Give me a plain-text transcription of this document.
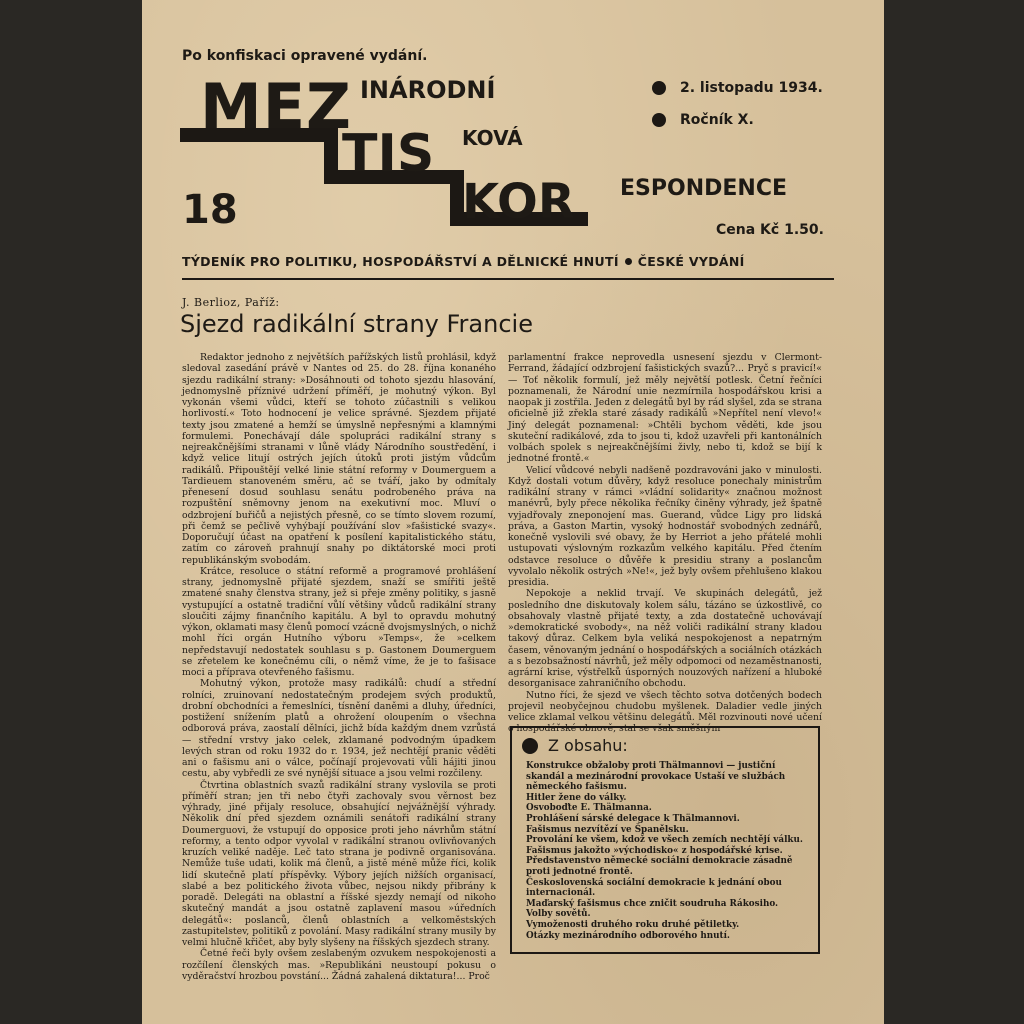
Po konfiskaci opravené vydání.
MEZ INÁRODNÍ
TIS KOVÁ
KOR ESPONDENCE
18
2. listopadu 1934.
Ročník X.
Cena Kč 1.50.
TÝDENÍK PRO POLITIKU, HOSPODÁŘSTVÍ A DĚLNICKÉ HNUTÍ ČESKÉ VYDÁNÍ
J. Berlioz, Paříž:
Sjezd radikální strany Francie

Redaktor jednoho z největších pařížských listů prohlásil, když sledoval zasedání právě v Nantes od 25. do 28. října konaného sjezdu radikální strany: »Dosáhnouti od tohoto sjezdu hlasování, jednomyslně příznivé udržení příměří, je mohutný výkon. Byl vykonán všemi vůdci, kteří se tohoto zúčastnili s velikou horlivostí.« Toto hodnocení je velice správné. Sjezdem přijaté texty jsou zmatené a hemží se úmyslně nepřesnými a klamnými formulemi. Ponechávají dále spolupráci radikální strany s nejreakčnějšími stranami v lůně vlády Národního soustředění, i když velice litují ostrých jejích útoků proti jistým vůdcům radikálů. Připouštějí velké linie státní reformy v Doumerguem a Tardieuem stanoveném směru, ač se tváří, jako by odmítaly přenesení dosud souhlasu senátu podrobeného práva na rozpuštění sněmovny jenom na exekutivní moc. Mluví o odzbrojení buřičů a nejistých přesně, co se tímto slovem rozumí, při čemž se pečlivě vyhýbají používání slov »fašistické svazy«. Doporučují účast na opatření k posílení kapitalistického státu, zatím co zároveň prahnují snahy po diktátorské moci proti republikánským svobodám.

Krátce, resoluce o státní reformě a programové prohlášení strany, jednomyslně přijaté sjezdem, snaží se smířiti ještě zmatené snahy členstva strany, jež si přeje změny politiky, s jasně vystupující a ostatně tradiční vůlí většiny vůdců radikální strany sloučiti zájmy finančního kapitálu. A byl to opravdu mohutný výkon, oklamati masy členů pomocí vzácně dvojsmyslných, o nichž mohl říci orgán Hutního výboru »Temps«, že »celkem nepředstavují nedostatek souhlasu s p. Gastonem Doumerguem se zřetelem ke konečnému cíli, o němž víme, že je to fašisace moci a příprava otevřeného fašismu.

Mohutný výkon, protože masy radikálů: chudí a střední rolníci, zruinovaní nedostatečným prodejem svých produktů, drobní obchodníci a řemeslníci, tísnění daněmi a dluhy, úředníci, postižení snížením platů a ohrožení oloupením o všechna odborová práva, zaostalí dělníci, jichž bída každým dnem vzrůstá — střední vrstvy jako celek, zklamané podvodným úpadkem levých stran od roku 1932 do r. 1934, jež nechtějí pranic věděti ani o fašismu ani o válce, počínají projevovati vůli hájiti jinou cestu, aby vybředli ze své nynější situace a jsou velmi rozčileny.

Čtvrtina oblastních svazů radikální strany vyslovila se proti příměří stran; jen tři nebo čtyři zachovaly svou věrnost bez výhrady, jiné přijaly resoluce, obsahující nejvážnější výhrady. Několik dní před sjezdem oznámili senátoři radikální strany Doumerguovi, že vstupují do opposice proti jeho návrhům státní reformy, a tento odpor vyvolal v radikální stranou ovlivňovaných kruzích veliké naděje. Leč tato strana je podivně organisována. Nemůže tuše udati, kolik má členů, a jistě méně může říci, kolik lidí skutečně platí příspěvky. Výbory jejích nižších organisací, slabé a bez politického života vůbec, nejsou nikdy přibrány k poradě. Delegáti na oblastní a říšské sjezdy nemají od nikoho skutečný mandát a jsou ostatně zaplavení masou »úředních delegátů«: poslanců, členů oblastních a velkoměstských zastupitelstev, politiků z povolání. Masy radikální strany musily by velmi hlučně křičet, aby byly slyšeny na říšských sjezdech strany.

Četné řeči byly ovšem zeslabeným ozvukem nespokojenosti a rozčílení členských mas. »Republikáni neustoupí pokusu o vyděračství hrozbou povstání... Žádná zahalená diktatura!... Proč

parlamentní frakce neprovedla usnesení sjezdu v Clermont-Ferrand, žádající odzbrojení fašistických svazů?... Pryč s pravicí!« — Toť několik formulí, jež měly největší potlesk. Četní řečníci poznamenali, že Národní unie nezmírnila hospodářskou krisi a naopak ji zostřila. Jeden z delegátů byl by rád slyšel, zda se strana oficielně již zřekla staré zásady radikálů »Nepřítel není vlevo!« Jiný delegát poznamenal: »Chtěli bychom věděti, kde jsou skuteční radikálové, zda to jsou ti, kdož uzavřeli při kantonálních volbách spolek s nejreakčnějšími živly, nebo ti, kdož se bijí k jednotné frontě.«

Velicí vůdcové nebyli nadšeně pozdravováni jako v minulosti. Když dostali votum důvěry, když resoluce ponechaly ministrům radikální strany v rámci »vládní solidarity« značnou možnost manévrů, byly přece několika řečníky činěny výhrady, jež špatně vyjadřovaly zneponojení mas. Guerand, vůdce Ligy pro lidská práva, a Gaston Martin, vysoký hodnostář svobodných zednářů, konečně vyslovili své obavy, že by Herriot a jeho přátelé mohli ustupovati výslovným rozkazům velkého kapitálu. Před čtením odstavce resoluce o důvěře k presidiu strany a poslancům vyvolalo několik ostrých »Ne!«, jež byly ovšem přehlušeno klakou presidia.

Nepokoje a neklid trvají. Ve skupinách delegátů, jež posledního dne diskutovaly kolem sálu, tázáno se úzkostlivě, co obsahovaly vlastně přijaté texty, a zda dostatečně uchovávají »demokratické svobody«, na něž voliči radikální strany kladou takový důraz. Celkem byla veliká nespokojenost a nepatrným časem, věnovaným jednání o hospodářských a sociálních otázkách a s bezobsažností návrhů, jež měly odpomoci od nezaměstnanosti, agrární krise, výstřelků úsporných nouzových nařízení a hluboké desorganisace zahraničního obchodu.

Nutno říci, že sjezd ve všech těchto sotva dotčených bodech projevil neobyčejnou chudobu myšlenek. Daladier vedle jiných velice zklamal velkou většinu delegátů. Měl rozvinouti nové učení o hospodářské obnově, stal se však směšným

Z obsahu:
Konstrukce obžaloby proti Thälmannovi — justiční skandál a mezinárodní provokace Ustaší ve službách německého fašismu.
Hitler žene do války.
Osvoboďte E. Thälmanna.
Prohlášení sárské delegace k Thälmannovi.
Fašismus nezvítězí ve Španělsku.
Provolání ke všem, kdož ve všech zemích nechtějí válku.
Fašismus jakožto »východisko« z hospodářské krise.
Představenstvo německé sociální demokracie zásadně proti jednotné frontě.
Československá sociální demokracie k jednání obou internacionál.
Maďarský fašismus chce zničit soudruha Rákosiho.
Volby sovětů.
Vymoženosti druhého roku druhé pětiletky.
Otázky mezinárodního odborového hnutí.
